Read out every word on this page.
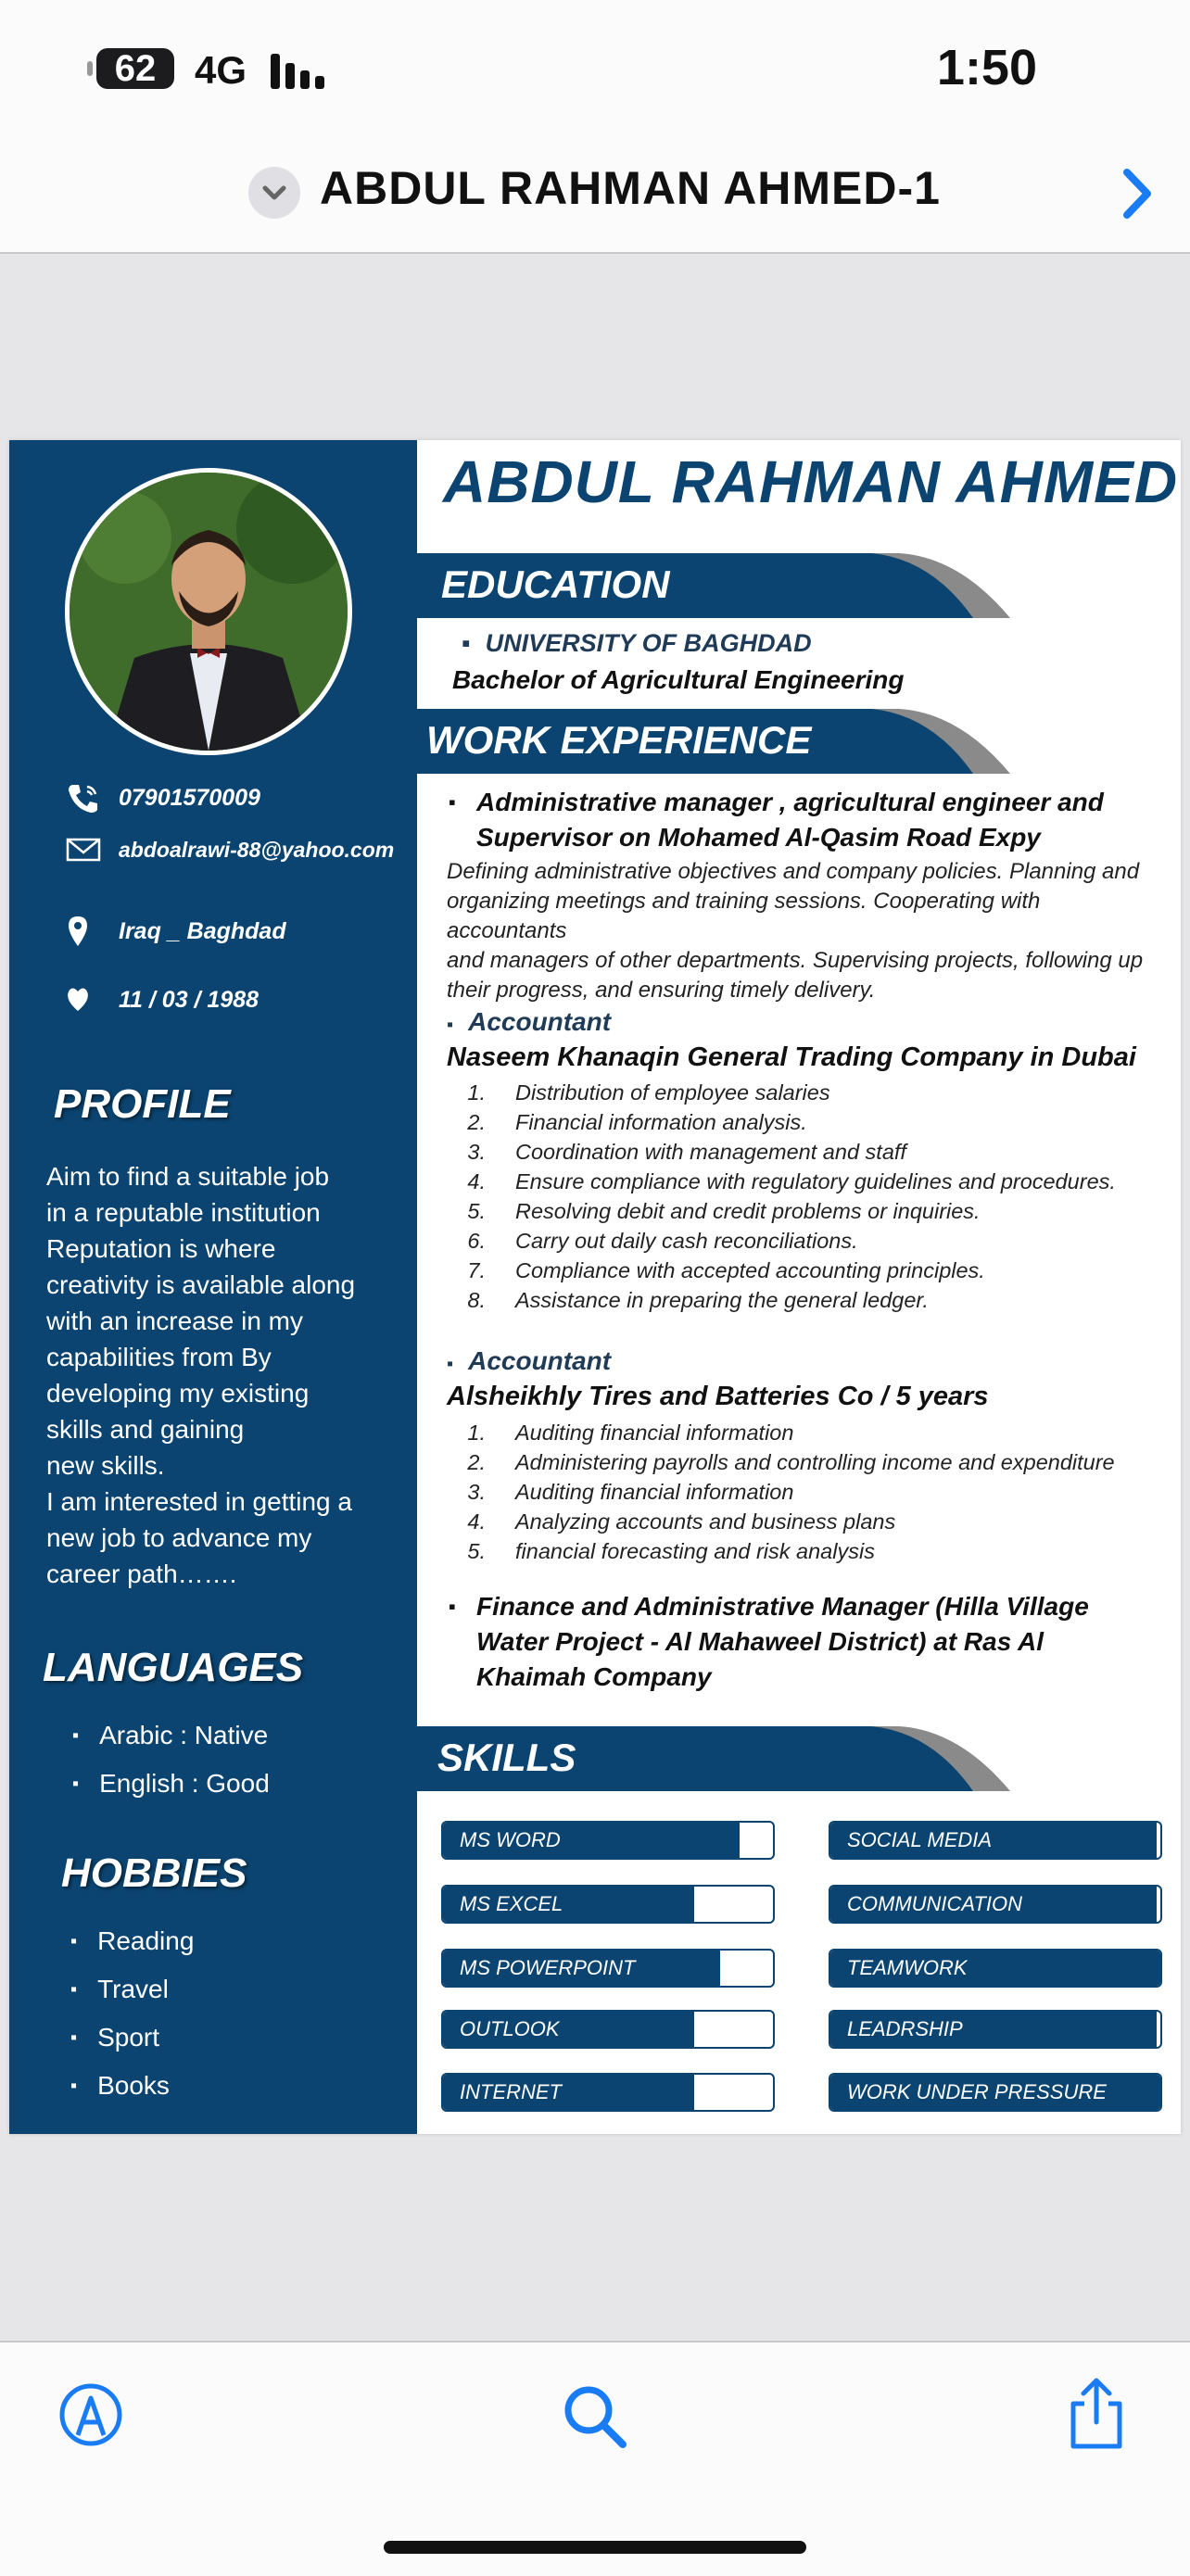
62 4G	1:50
ABDUL RAHMAN AHMED-1
07901570009
abdoalrawi-88@yahoo.com
Iraq _ Baghdad
11 / 03 / 1988
PROFILE
Aim to find a suitable job
in a reputable institution
Reputation is where
creativity is available along
with an increase in my
capabilities from By
developing my existing
skills and gaining
new skills.
I am interested in getting a
new job to advance my
career path…….
LANGUAGES
▪ Arabic : Native
▪ English : Good
HOBBIES
▪ Reading
▪ Travel
▪ Sport
▪ Books
ABDUL RAHMAN AHMED
EDUCATION
▪ UNIVERSITY OF BAGHDAD
Bachelor of Agricultural Engineering
WORK EXPERIENCE
▪ Administrative manager , agricultural engineer and
Supervisor on Mohamed Al-Qasim Road Expy
Defining administrative objectives and company policies. Planning and
organizing meetings and training sessions. Cooperating with accountants
and managers of other departments. Supervising projects, following up
their progress, and ensuring timely delivery.
▪ Accountant
Naseem Khanaqin General Trading Company in Dubai
1. Distribution of employee salaries
2. Financial information analysis.
3. Coordination with management and staff
4. Ensure compliance with regulatory guidelines and procedures.
5. Resolving debit and credit problems or inquiries.
6. Carry out daily cash reconciliations.
7. Compliance with accepted accounting principles.
8. Assistance in preparing the general ledger.
▪ Accountant
Alsheikhly Tires and Batteries Co / 5 years
1. Auditing financial information
2. Administering payrolls and controlling income and expenditure
3. Auditing financial information
4. Analyzing accounts and business plans
5. financial forecasting and risk analysis
▪ Finance and Administrative Manager (Hilla Village
Water Project - Al Mahaweel District) at Ras Al
Khaimah Company
SKILLS
MS WORD
MS EXCEL
MS POWERPOINT
OUTLOOK
INTERNET
SOCIAL MEDIA
COMMUNICATION
TEAMWORK
LEADRSHIP
WORK UNDER PRESSURE
